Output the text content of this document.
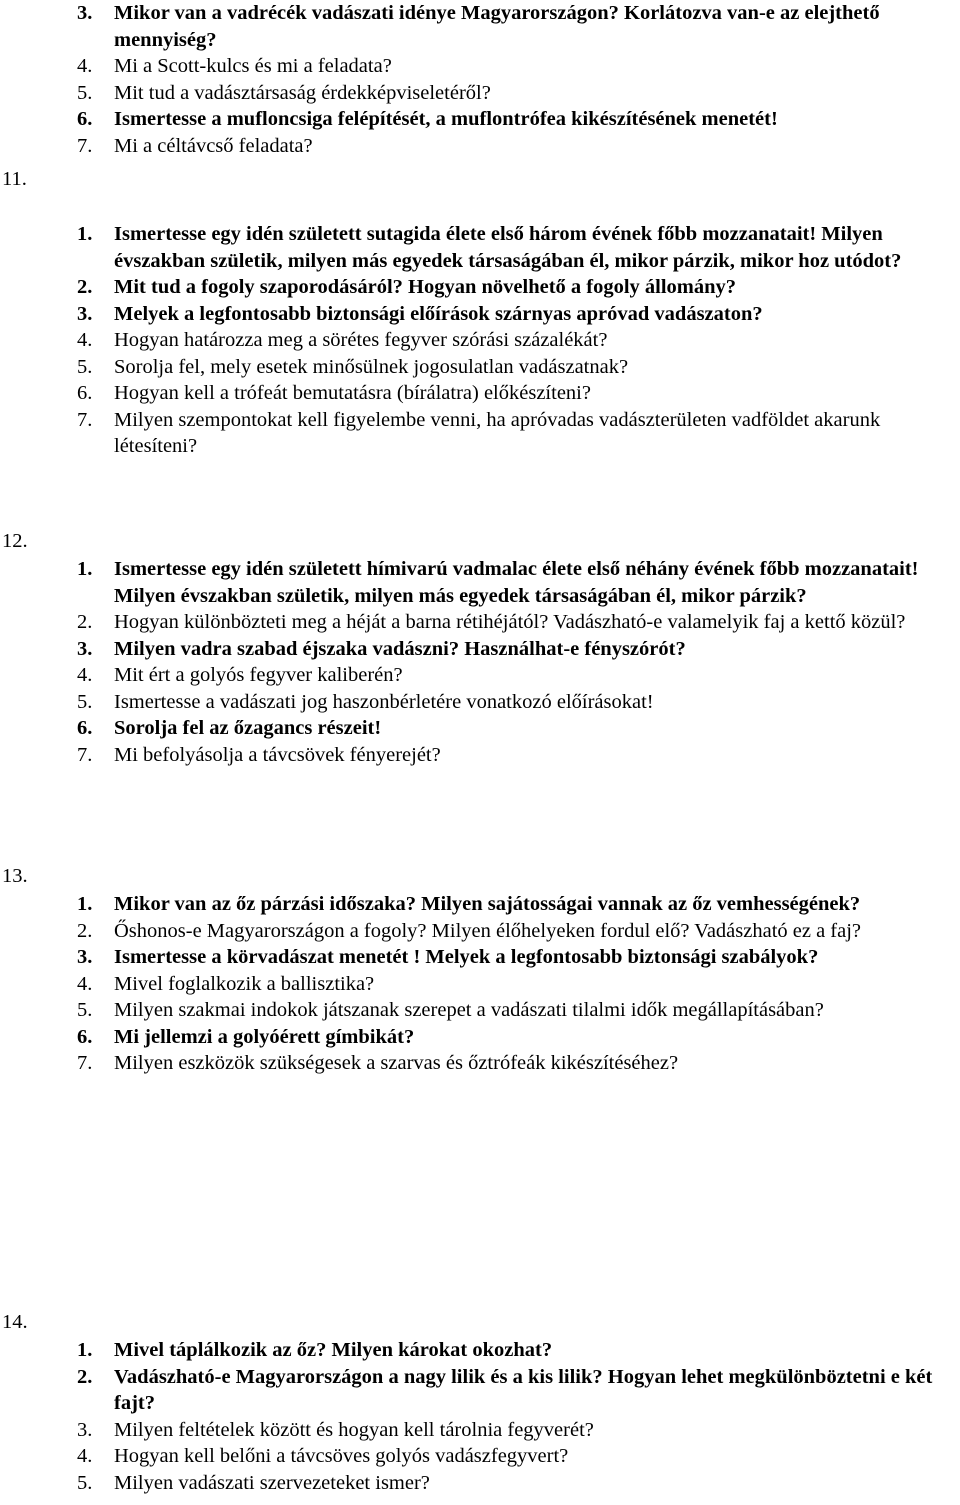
3. Mikor van a vadrécék vadászati idénye Magyarországon? Korlátozva van-e az elejthető mennyiség?
4. Mi a Scott-kulcs és mi a feladata?
5. Mit tud a vadásztársaság érdekképviseletéről?
6. Ismertesse a mufloncsiga felépítését, a muflontrófea kikészítésének menetét!
7. Mi a céltávcső feladata?
11.
1. Ismertesse egy idén született sutagida élete első három évének főbb mozzanatait! Milyen évszakban születik, milyen más egyedek társaságában él, mikor párzik, mikor hoz utódot?
2. Mit tud a fogoly szaporodásáról? Hogyan növelhető a fogoly állomány?
3. Melyek a legfontosabb biztonsági előírások szárnyas apróvad vadászaton?
4. Hogyan határozza meg a sörétes fegyver szórási százalékát?
5. Sorolja fel, mely esetek minősülnek jogosulatlan vadászatnak?
6. Hogyan kell a trófeát bemutatásra (bírálatra) előkészíteni?
7. Milyen szempontokat kell figyelembe venni, ha apróvadas vadászterületen vadföldet akarunk létesíteni?
12.
1. Ismertesse egy idén született hímivarú vadmalac élete első néhány évének főbb mozzanatait! Milyen évszakban születik, milyen más egyedek társaságában él, mikor párzik?
2. Hogyan különbözteti meg a héját a barna rétihéjától? Vadászható-e valamelyik faj a kettő közül?
3. Milyen vadra szabad éjszaka vadászni? Használhat-e fényszórót?
4. Mit ért a golyós fegyver kaliberén?
5. Ismertesse a vadászati jog haszonbérletére vonatkozó előírásokat!
6. Sorolja fel az őzagancs részeit!
7. Mi befolyásolja a távcsövek fényerejét?
13.
1. Mikor van az őz párzási időszaka? Milyen sajátosságai vannak az őz vemhességének?
2. Őshonos-e Magyarországon a fogoly? Milyen élőhelyeken fordul elő? Vadászható ez a faj?
3. Ismertesse a körvadászat menetét ! Melyek a legfontosabb biztonsági szabályok?
4. Mivel foglalkozik a ballisztika?
5. Milyen szakmai indokok játszanak szerepet a vadászati tilalmi idők megállapításában?
6. Mi jellemzi a golyóérett gímbikát?
7. Milyen eszközök szükségesek a szarvas és őztrófeák kikészítéséhez?
14.
1. Mivel táplálkozik az őz? Milyen károkat okozhat?
2. Vadászható-e Magyarországon a nagy lilik és a kis lilik? Hogyan lehet megkülönböztetni e két fajt?
3. Milyen feltételek között és hogyan kell tárolnia fegyverét?
4. Hogyan kell belőni a távcsöves golyós vadászfegyvert?
5. Milyen vadászati szervezeteket ismer?
